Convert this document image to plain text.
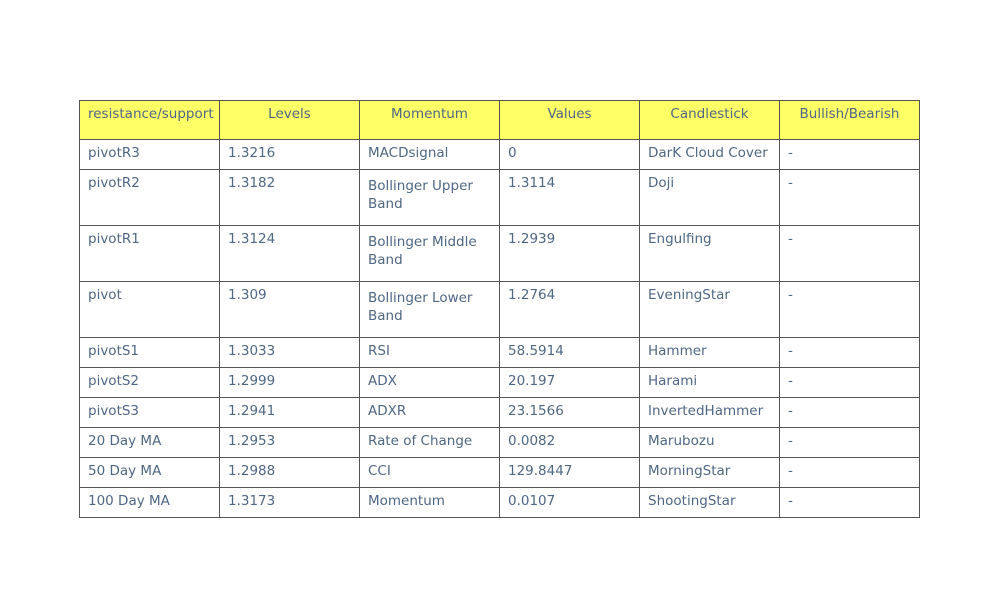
resistance/support	Levels	Momentum	Values	Candlestick	Bullish/Bearish
pivotR3	1.3216	MACDsignal	0	DarK Cloud Cover	-
pivotR2	1.3182	Bollinger Upper Band	1.3114	Doji	-
pivotR1	1.3124	Bollinger Middle Band	1.2939	Engulfing	-
pivot	1.309	Bollinger Lower Band	1.2764	EveningStar	-
pivotS1	1.3033	RSI	58.5914	Hammer	-
pivotS2	1.2999	ADX	20.197	Harami	-
pivotS3	1.2941	ADXR	23.1566	InvertedHammer	-
20 Day MA	1.2953	Rate of Change	0.0082	Marubozu	-
50 Day MA	1.2988	CCI	129.8447	MorningStar	-
100 Day MA	1.3173	Momentum	0.0107	ShootingStar	-
